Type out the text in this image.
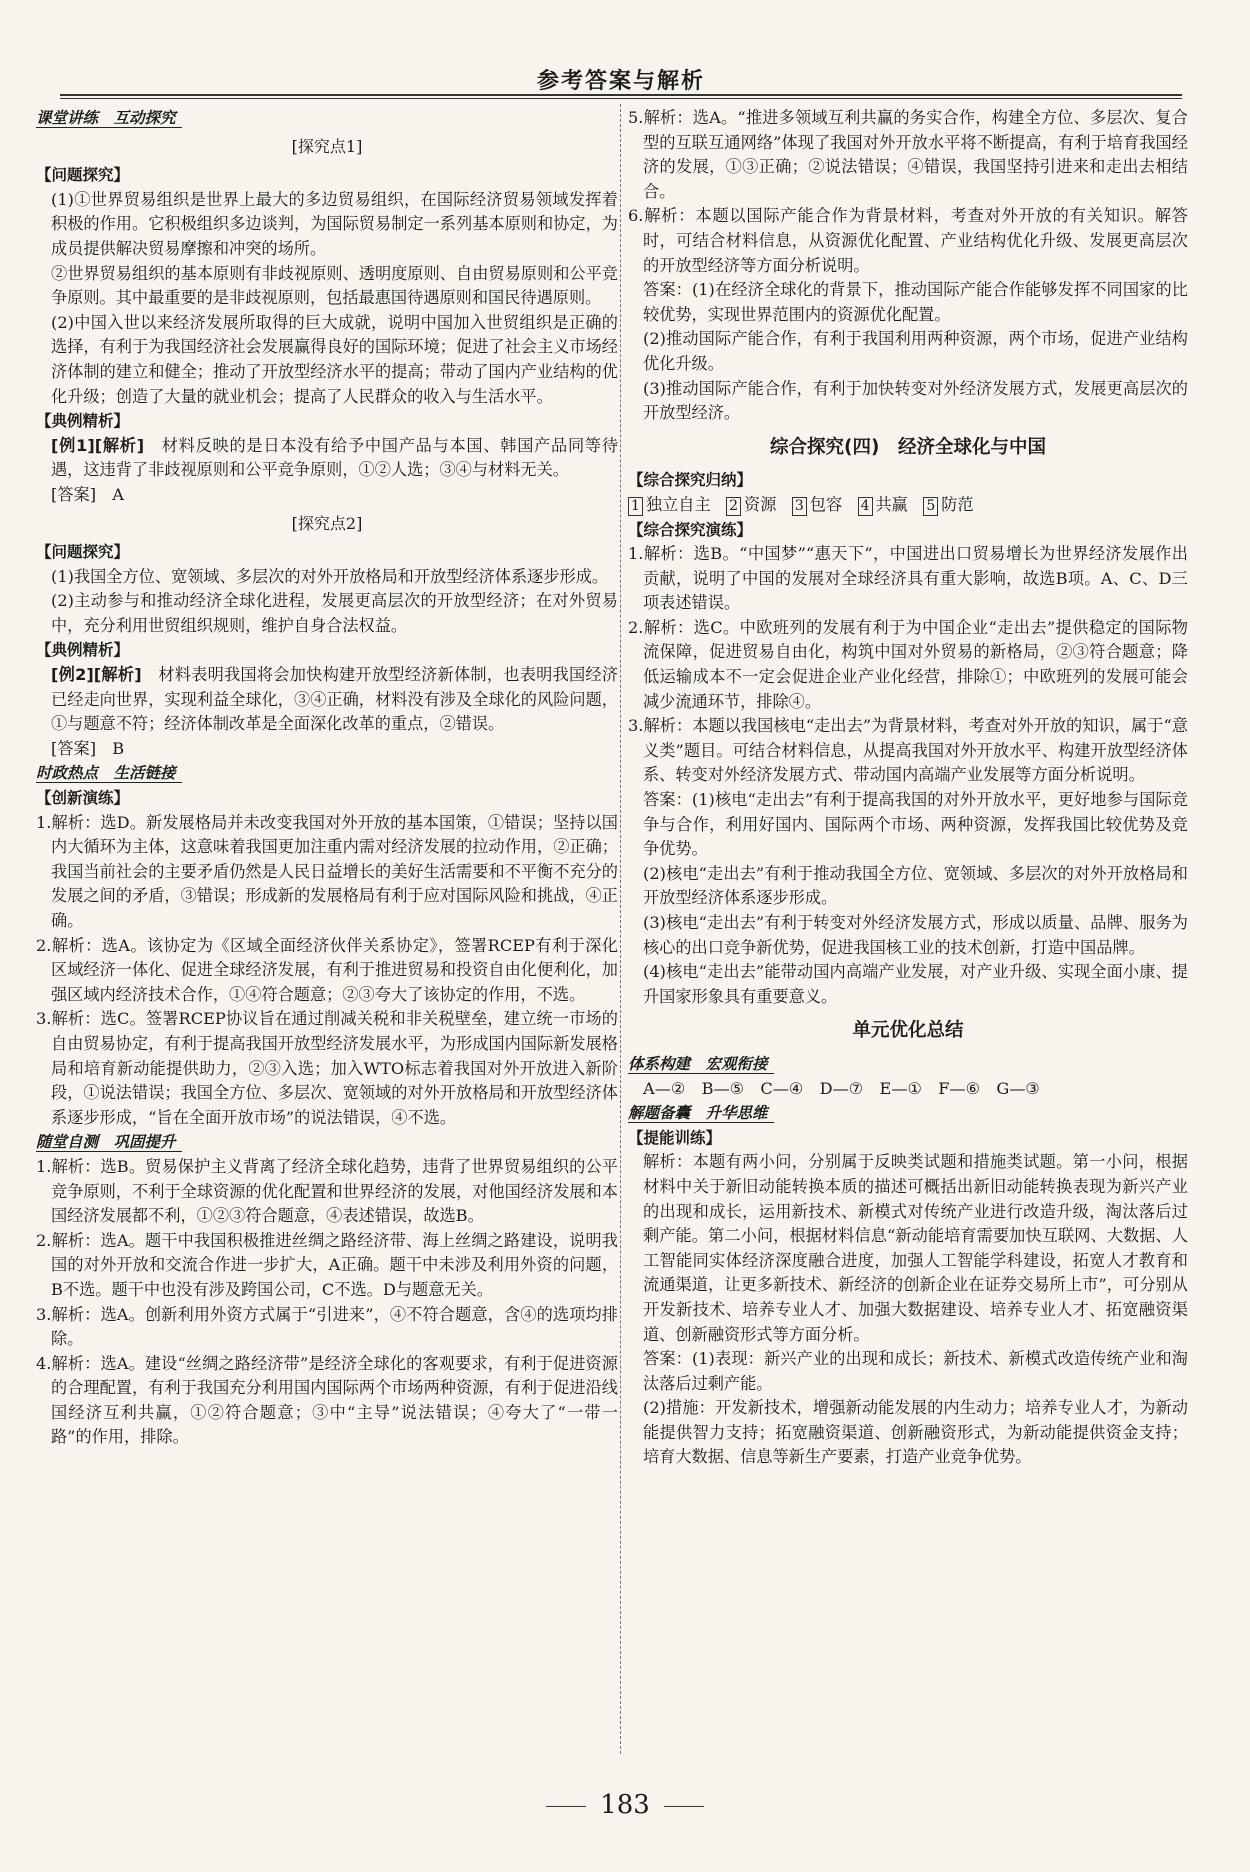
参考答案与解析

课堂讲练　互动探究

[探究点1]

【问题探究】

(1)①世界贸易组织是世界上最大的多边贸易组织，在国际经济贸易领域发挥着积极的作用。它积极组织多边谈判，为国际贸易制定一系列基本原则和协定，为成员提供解决贸易摩擦和冲突的场所。

②世界贸易组织的基本原则有非歧视原则、透明度原则、自由贸易原则和公平竞争原则。其中最重要的是非歧视原则，包括最惠国待遇原则和国民待遇原则。

(2)中国入世以来经济发展所取得的巨大成就，说明中国加入世贸组织是正确的选择，有利于为我国经济社会发展赢得良好的国际环境；促进了社会主义市场经济体制的建立和健全；推动了开放型经济水平的提高；带动了国内产业结构的优化升级；创造了大量的就业机会；提高了人民群众的收入与生活水平。

【典例精析】

[例1][解析]　 材料反映的是日本没有给予中国产品与本国、韩国产品同等待遇，这违背了非歧视原则和公平竞争原则，①②人选；③④与材料无关。

[答案]　A

[探究点2]

【问题探究】

(1)我国全方位、宽领域、多层次的对外开放格局和开放型经济体系逐步形成。

(2)主动参与和推动经济全球化进程，发展更高层次的开放型经济；在对外贸易中，充分利用世贸组织规则，维护自身合法权益。

【典例精析】

[例2][解析]　 材料表明我国将会加快构建开放型经济新体制，也表明我国经济已经走向世界，实现利益全球化，③④正确，材料没有涉及全球化的风险问题，①与题意不符；经济体制改革是全面深化改革的重点，②错误。

[答案]　B

时政热点　生活链接

【创新演练】

1.解析：选D。新发展格局并未改变我国对外开放的基本国策，①错误；坚持以国内大循环为主体，这意味着我国更加注重内需对经济发展的拉动作用，②正确；我国当前社会的主要矛盾仍然是人民日益增长的美好生活需要和不平衡不充分的发展之间的矛盾，③错误；形成新的发展格局有利于应对国际风险和挑战，④正确。

2.解析：选A。该协定为《区域全面经济伙伴关系协定》，签署RCEP有利于深化区域经济一体化、促进全球经济发展，有利于推进贸易和投资自由化便利化，加强区域内经济技术合作，①④符合题意；②③夸大了该协定的作用，不选。

3.解析：选C。签署RCEP协议旨在通过削减关税和非关税壁垒，建立统一市场的自由贸易协定，有利于提高我国开放型经济发展水平，为形成国内国际新发展格局和培育新动能提供助力，②③入选；加入WTO标志着我国对外开放进入新阶段，①说法错误；我国全方位、多层次、宽领域的对外开放格局和开放型经济体系逐步形成，“旨在全面开放市场”的说法错误，④不选。

随堂自测　巩固提升

1.解析：选B。贸易保护主义背离了经济全球化趋势，违背了世界贸易组织的公平竞争原则，不利于全球资源的优化配置和世界经济的发展，对他国经济发展和本国经济发展都不利，①②③符合题意，④表述错误，故选B。

2.解析：选A。题干中我国积极推进丝绸之路经济带、海上丝绸之路建设，说明我国的对外开放和交流合作进一步扩大，A正确。题干中未涉及利用外资的问题，B不选。题干中也没有涉及跨国公司，C不选。D与题意无关。

3.解析：选A。创新利用外资方式属于“引进来”，④不符合题意，含④的选项均排除。

4.解析：选A。建设“丝绸之路经济带”是经济全球化的客观要求，有利于促进资源的合理配置，有利于我国充分利用国内国际两个市场两种资源，有利于促进沿线国经济互利共赢，①②符合题意；③中“主导”说法错误；④夸大了“一带一路”的作用，排除。

5.解析：选A。“推进多领域互利共赢的务实合作，构建全方位、多层次、复合型的互联互通网络”体现了我国对外开放水平将不断提高，有利于培育我国经济的发展，①③正确；②说法错误；④错误，我国坚持引进来和走出去相结合。

6.解析：本题以国际产能合作为背景材料，考查对外开放的有关知识。解答时，可结合材料信息，从资源优化配置、产业结构优化升级、发展更高层次的开放型经济等方面分析说明。

答案：(1)在经济全球化的背景下，推动国际产能合作能够发挥不同国家的比较优势，实现世界范围内的资源优化配置。

(2)推动国际产能合作，有利于我国利用两种资源，两个市场，促进产业结构优化升级。

(3)推动国际产能合作，有利于加快转变对外经济发展方式，发展更高层次的开放型经济。

综合探究(四)　经济全球化与中国

【综合探究归纳】

1 独立自主 2 资源 3 包容 4 共赢 5 防范

【综合探究演练】

1.解析：选B。“中国梦”“惠天下”，中国进出口贸易增长为世界经济发展作出贡献，说明了中国的发展对全球经济具有重大影响，故选B项。A、C、D三项表述错误。

2.解析：选C。中欧班列的发展有利于为中国企业“走出去”提供稳定的国际物流保障，促进贸易自由化，构筑中国对外贸易的新格局，②③符合题意；降低运输成本不一定会促进企业产业化经营，排除①；中欧班列的发展可能会减少流通环节，排除④。

3.解析：本题以我国核电“走出去”为背景材料，考查对外开放的知识，属于“意义类”题目。可结合材料信息，从提高我国对外开放水平、构建开放型经济体系、转变对外经济发展方式、带动国内高端产业发展等方面分析说明。

答案：(1)核电“走出去”有利于提高我国的对外开放水平，更好地参与国际竞争与合作，利用好国内、国际两个市场、两种资源，发挥我国比较优势及竞争优势。

(2)核电“走出去”有利于推动我国全方位、宽领域、多层次的对外开放格局和开放型经济体系逐步形成。

(3)核电“走出去”有利于转变对外经济发展方式，形成以质量、品牌、服务为核心的出口竞争新优势，促进我国核工业的技术创新，打造中国品牌。

(4)核电“走出去”能带动国内高端产业发展，对产业升级、实现全面小康、提升国家形象具有重要意义。

单元优化总结

体系构建　宏观衔接

A—②　B—⑤　C—④　D—⑦　E—①　F—⑥　G—③

解题备囊　升华思维

【提能训练】

解析：本题有两小问，分别属于反映类试题和措施类试题。第一小问，根据材料中关于新旧动能转换本质的描述可概括出新旧动能转换表现为新兴产业的出现和成长，运用新技术、新模式对传统产业进行改造升级，淘汰落后过剩产能。第二小问，根据材料信息“新动能培育需要加快互联网、大数据、人工智能同实体经济深度融合进度，加强人工智能学科建设，拓宽人才教育和流通渠道，让更多新技术、新经济的创新企业在证券交易所上市”，可分别从开发新技术、培养专业人才、加强大数据建设、培养专业人才、拓宽融资渠道、创新融资形式等方面分析。

答案：(1)表现：新兴产业的出现和成长；新技术、新模式改造传统产业和淘汰落后过剩产能。

(2)措施：开发新技术，增强新动能发展的内生动力；培养专业人才，为新动能提供智力支持；拓宽融资渠道、创新融资形式，为新动能提供资金支持；培育大数据、信息等新生产要素，打造产业竞争优势。

183
